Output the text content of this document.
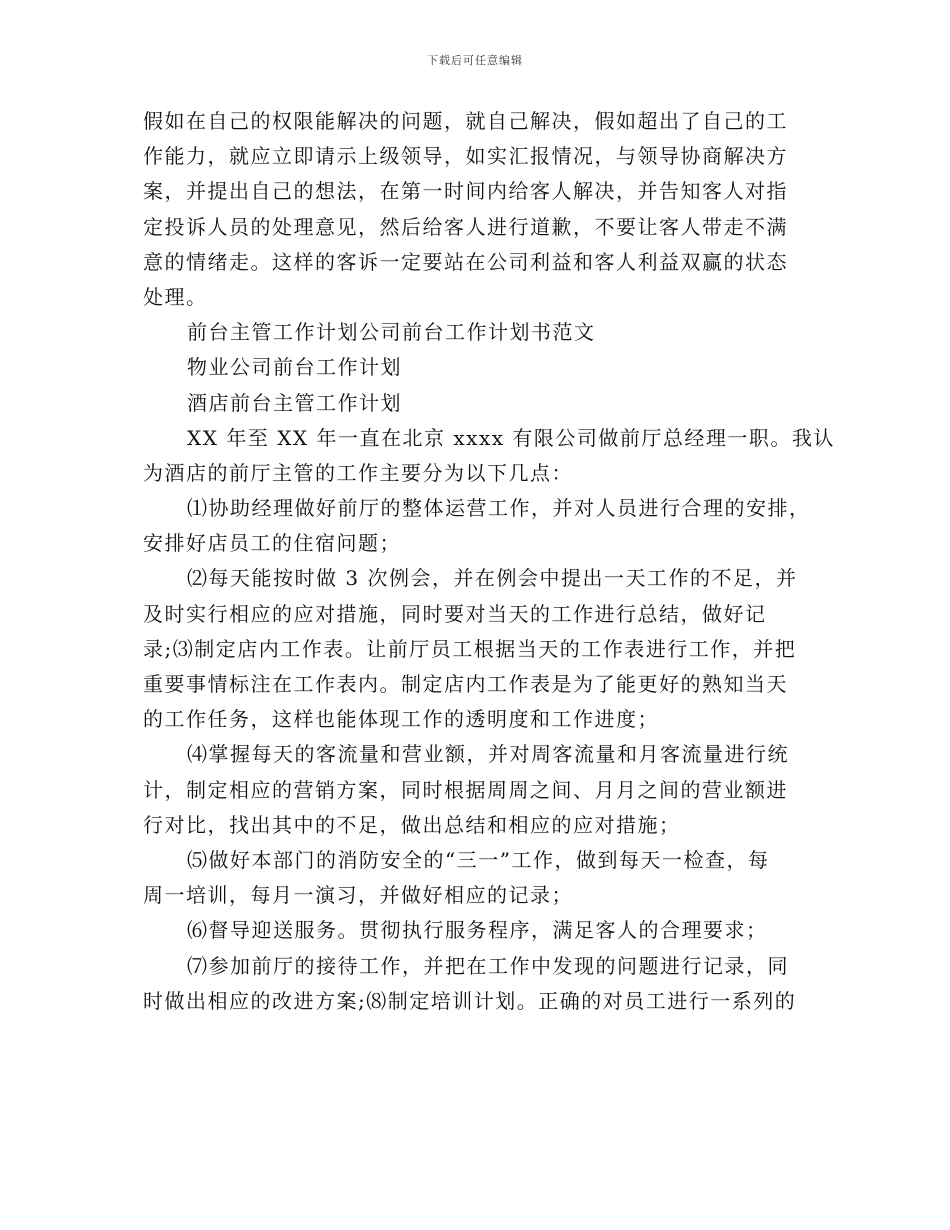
下载后可任意编辑
假如在自己的权限能解决的问题，就自己解决，假如超出了自己的工
作能力，就应立即请示上级领导，如实汇报情况，与领导协商解决方
案，并提出自己的想法，在第一时间内给客人解决，并告知客人对指
定投诉人员的处理意见，然后给客人进行道歉，不要让客人带走不满
意的情绪走。这样的客诉一定要站在公司利益和客人利益双赢的状态
处理。
前台主管工作计划公司前台工作计划书范文
物业公司前台工作计划
酒店前台主管工作计划
XX 年至 XX 年一直在北京 xxxx 有限公司做前厅总经理一职。我认
为酒店的前厅主管的工作主要分为以下几点：
⑴协助经理做好前厅的整体运营工作，并对人员进行合理的安排，
安排好店员工的住宿问题；
⑵每天能按时做 3 次例会，并在例会中提出一天工作的不足，并
及时实行相应的应对措施，同时要对当天的工作进行总结，做好记
录;⑶制定店内工作表。让前厅员工根据当天的工作表进行工作，并把
重要事情标注在工作表内。制定店内工作表是为了能更好的熟知当天
的工作任务，这样也能体现工作的透明度和工作进度；
⑷掌握每天的客流量和营业额，并对周客流量和月客流量进行统
计，制定相应的营销方案，同时根据周周之间、月月之间的营业额进
行对比，找出其中的不足，做出总结和相应的应对措施；
⑸做好本部门的消防安全的“三一”工作，做到每天一检查，每
周一培训，每月一演习，并做好相应的记录；
⑹督导迎送服务。贯彻执行服务程序，满足客人的合理要求；
⑺参加前厅的接待工作，并把在工作中发现的问题进行记录，同
时做出相应的改进方案;⑻制定培训计划。正确的对员工进行一系列的
